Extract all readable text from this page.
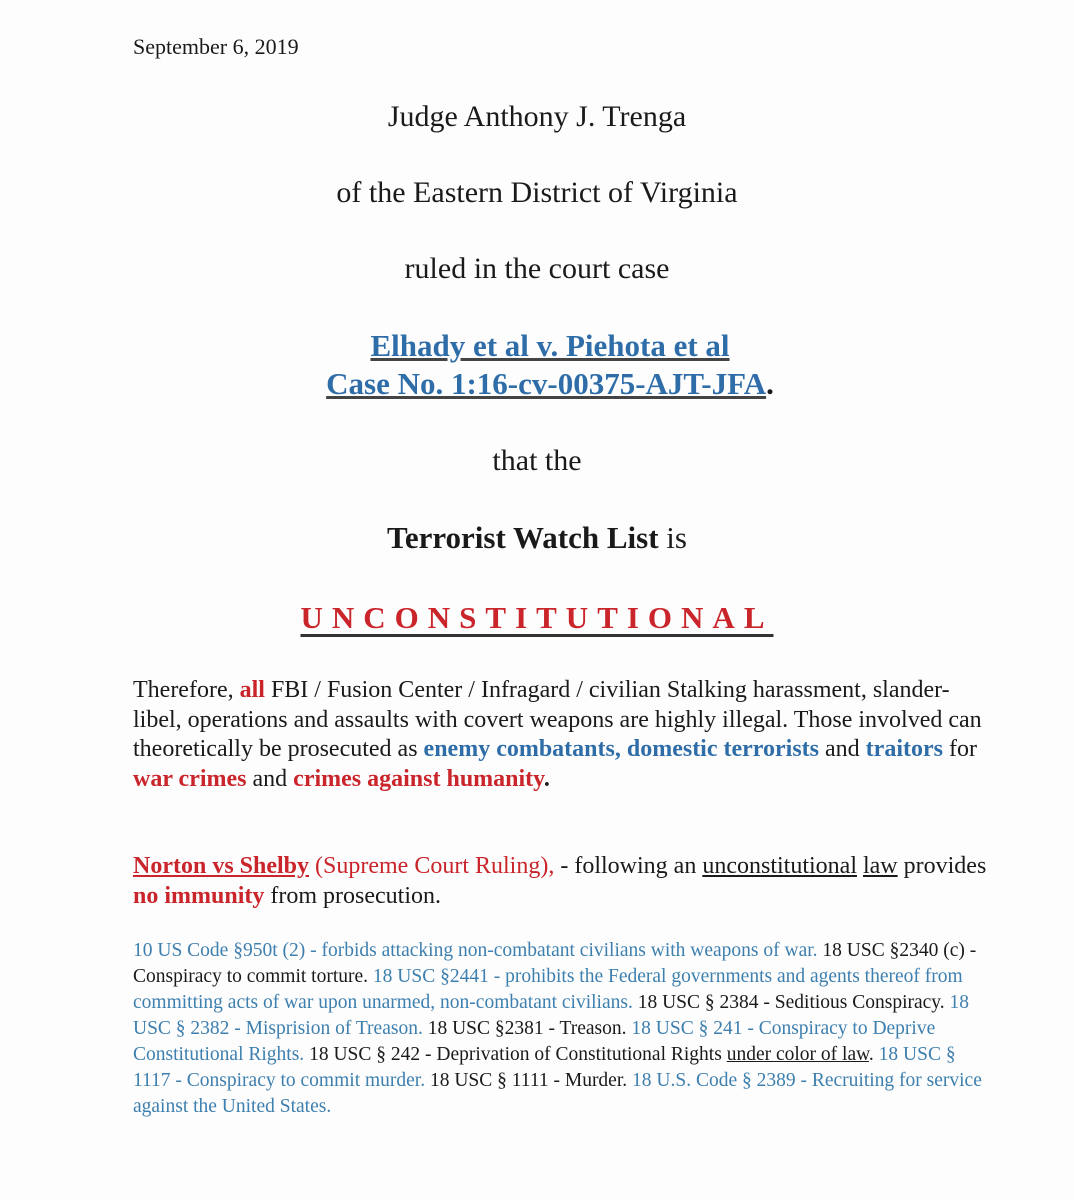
September 6, 2019
Judge Anthony J. Trenga
of the Eastern District of Virginia
ruled in the court case
Elhady et al v. Piehota et al
Case No. 1:16-cv-00375-AJT-JFA.
that the
Terrorist Watch List is
UNCONSTITUTIONAL
Therefore, all FBI / Fusion Center / Infragard / civilian Stalking harassment, slander-libel, operations and assaults with covert weapons are highly illegal. Those involved can theoretically be prosecuted as enemy combatants, domestic terrorists and traitors for war crimes and crimes against humanity.
Norton vs Shelby (Supreme Court Ruling), - following an unconstitutional law provides no immunity from prosecution.
10 US Code §950t (2) - forbids attacking non-combatant civilians with weapons of war. 18 USC §2340 (c) - Conspiracy to commit torture. 18 USC §2441 - prohibits the Federal governments and agents thereof from committing acts of war upon unarmed, non-combatant civilians. 18 USC § 2384 - Seditious Conspiracy. 18 USC § 2382 - Misprision of Treason. 18 USC §2381 - Treason. 18 USC § 241 - Conspiracy to Deprive Constitutional Rights. 18 USC § 242 - Deprivation of Constitutional Rights under color of law. 18 USC § 1117 - Conspiracy to commit murder. 18 USC § 1111 - Murder. 18 U.S. Code § 2389 - Recruiting for service against the United States.
